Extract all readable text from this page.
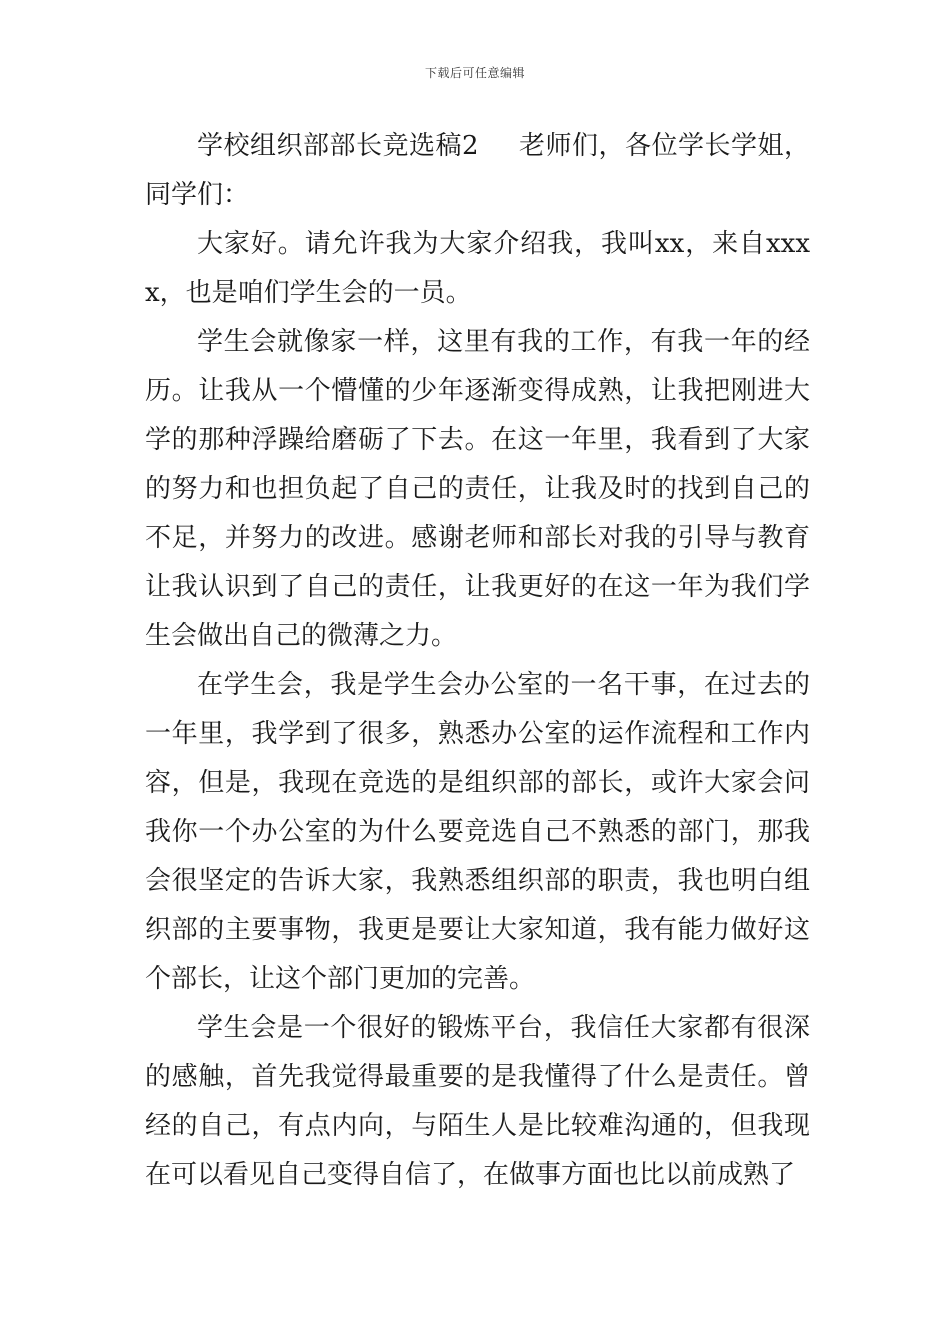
下载后可任意编辑

学校组织部部长竞选稿2 老师们，各位学长学姐，同学们：

大家好。请允许我为大家介绍我，我叫xx，来自xxxx，也是咱们学生会的一员。

学生会就像家一样，这里有我的工作，有我一年的经历。让我从一个懵懂的少年逐渐变得成熟，让我把刚进大学的那种浮躁给磨砺了下去。在这一年里，我看到了大家的努力和也担负起了自己的责任，让我及时的找到自己的不足，并努力的改进。感谢老师和部长对我的引导与教育让我认识到了自己的责任，让我更好的在这一年为我们学生会做出自己的微薄之力。

在学生会，我是学生会办公室的一名干事，在过去的一年里，我学到了很多，熟悉办公室的运作流程和工作内容，但是，我现在竞选的是组织部的部长，或许大家会问我你一个办公室的为什么要竞选自己不熟悉的部门，那我会很坚定的告诉大家，我熟悉组织部的职责，我也明白组织部的主要事物，我更是要让大家知道，我有能力做好这个部长，让这个部门更加的完善。

学生会是一个很好的锻炼平台，我信任大家都有很深的感触，首先我觉得最重要的是我懂得了什么是责任。曾经的自己，有点内向，与陌生人是比较难沟通的，但我现在可以看见自己变得自信了，在做事方面也比以前成熟了
